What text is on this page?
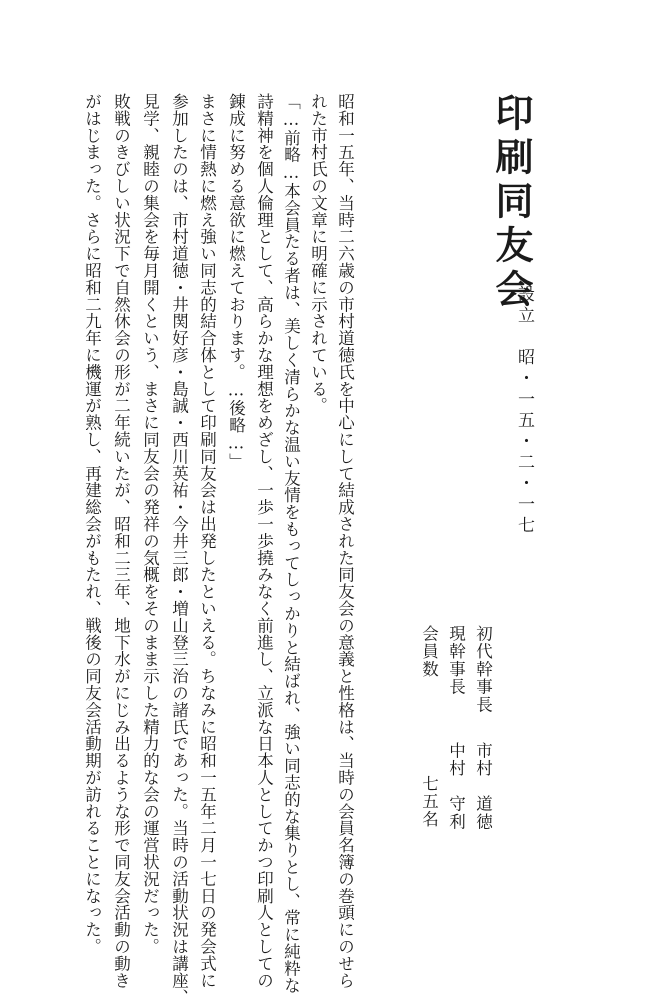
印刷同友会
設立　昭・一五・二・一七
昭和一五年、当時二六歳の市村道徳氏を中心にして結成された同友会の意義と性格は、当時の会員名簿の巻頭にのせら
れた市村氏の文章に明確に示されている。
「…前略…本会員たる者は、美しく清らかな温い友情をもってしっかりと結ばれ、強い同志的な集りとし、常に純粋な
詩精神を個人倫理として、高らかな理想をめざし、一歩一歩撓みなく前進し、立派な日本人としてかつ印刷人としての
錬成に努める意欲に燃えております。…後略…」
まさに情熱に燃え強い同志的結合体として印刷同友会は出発したといえる。ちなみに昭和一五年二月一七日の発会式に
参加したのは、市村道徳・井関好彦・島誠・西川英祐・今井三郎・増山登三治の諸氏であった。当時の活動状況は講座、
見学、親睦の集会を毎月開くという、まさに同友会の発祥の気概をそのまま示した精力的な会の運営状況だった。
敗戦のきびしい状況下で自然休会の形が二年続いたが、昭和二三年、地下水がにじみ出るような形で同友会活動の動き
がはじまった。さらに昭和二九年に機運が熟し、再建総会がもたれ、戦後の同友会活動期が訪れることになった。	初代幹事長
市村　道徳
現幹事長
中村　守利
会員数
七五名
